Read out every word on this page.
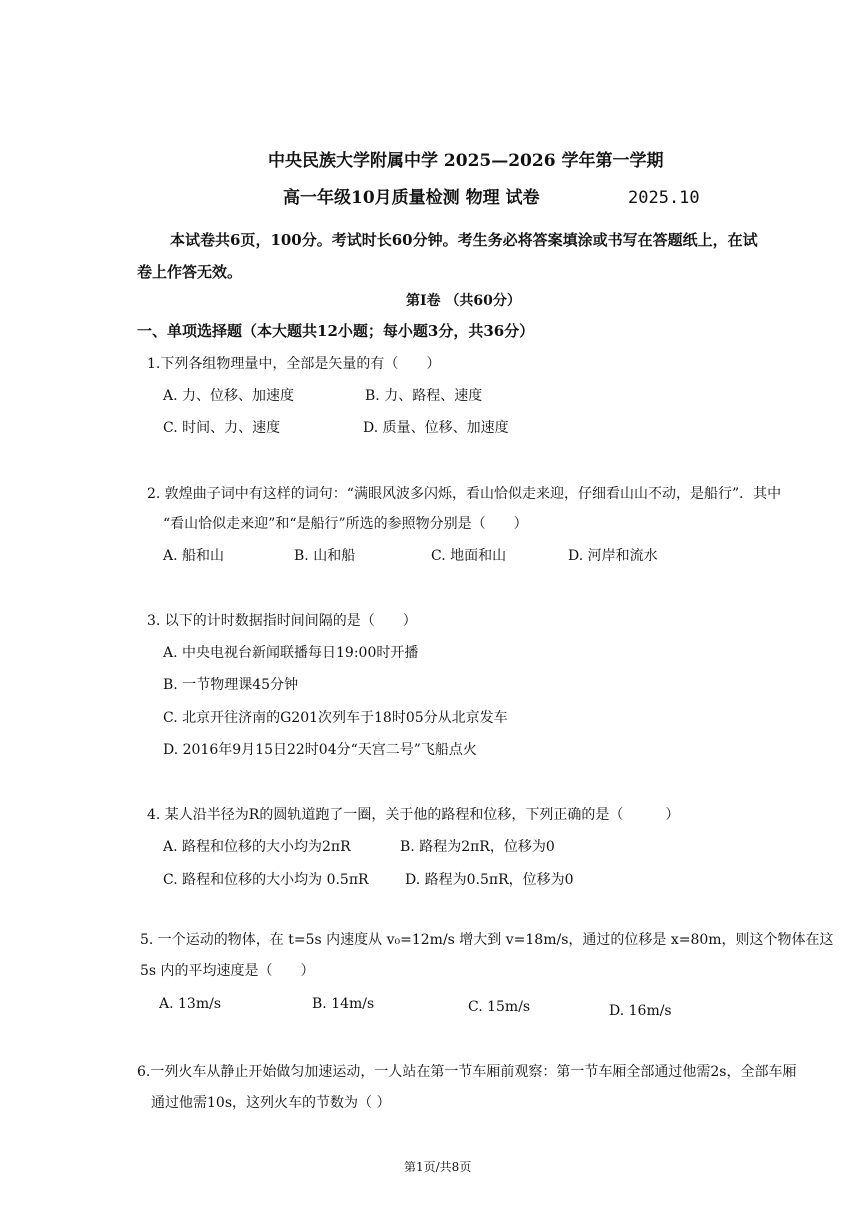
中央民族大学附属中学 2025—2026 学年第一学期
高一年级10月质量检测 物理 试卷	2025.10
本试卷共6页，100分。考试时长60分钟。考生务必将答案填涂或书写在答题纸上，在试
卷上作答无效。
第Ⅰ卷 （共60分）
一、单项选择题（本大题共12小题；每小题3分，共36分）
1.下列各组物理量中，全部是矢量的有（　　）
A. 力、位移、加速度	B. 力、路程、速度
C. 时间、力、速度	D. 质量、位移、加速度
2. 敦煌曲子词中有这样的词句：“满眼风波多闪烁，看山恰似走来迎，仔细看山山不动，是船行”．其中
“看山恰似走来迎”和“是船行”所选的参照物分别是（　　）
A. 船和山	B. 山和船	C. 地面和山	D. 河岸和流水
3. 以下的计时数据指时间间隔的是（　　）
A. 中央电视台新闻联播每日19:00时开播
B. 一节物理课45分钟
C. 北京开往济南的G201次列车于18时05分从北京发车
D. 2016年9月15日22时04分“天宫二号”飞船点火
4. 某人沿半径为R的圆轨道跑了一圈，关于他的路程和位移，下列正确的是（　　　）
A. 路程和位移的大小均为2πR	B. 路程为2πR，位移为0
C. 路程和位移的大小均为 0.5πR	D. 路程为0.5πR，位移为0
5. 一个运动的物体，在 t=5s 内速度从 v₀=12m/s 增大到 v=18m/s，通过的位移是 x=80m，则这个物体在这
5s 内的平均速度是（　　）
A. 13m/s	B. 14m/s	C. 15m/s	D. 16m/s
6.一列火车从静止开始做匀加速运动，一人站在第一节车厢前观察：第一节车厢全部通过他需2s，全部车厢
通过他需10s，这列火车的节数为（ ）
第1页/共8页
